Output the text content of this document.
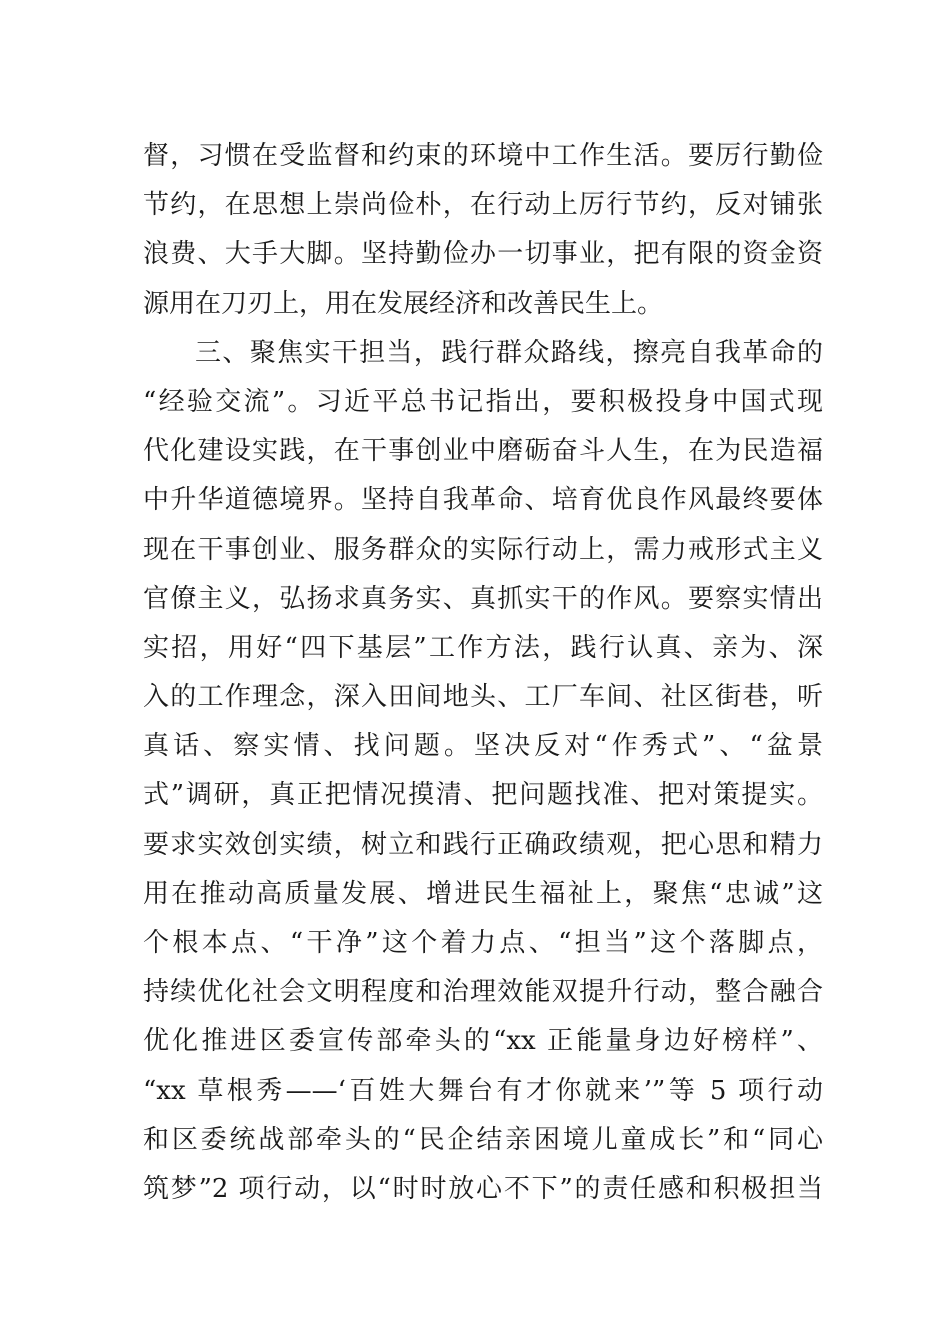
督，习惯在受监督和约束的环境中工作生活。要厉行勤俭
节约，在思想上崇尚俭朴，在行动上厉行节约，反对铺张
浪费、大手大脚。坚持勤俭办一切事业，把有限的资金资
源用在刀刃上，用在发展经济和改善民生上。
三、聚焦实干担当，践行群众路线，擦亮自我革命的
“经验交流”。习近平总书记指出，要积极投身中国式现
代化建设实践，在干事创业中磨砺奋斗人生，在为民造福
中升华道德境界。坚持自我革命、培育优良作风最终要体
现在干事创业、服务群众的实际行动上，需力戒形式主义
官僚主义，弘扬求真务实、真抓实干的作风。要察实情出
实招，用好“四下基层”工作方法，践行认真、亲为、深
入的工作理念，深入田间地头、工厂车间、社区街巷，听
真话、察实情、找问题。坚决反对“作秀式”、“盆景
式”调研，真正把情况摸清、把问题找准、把对策提实。
要求实效创实绩，树立和践行正确政绩观，把心思和精力
用在推动高质量发展、增进民生福祉上，聚焦“忠诚”这
个根本点、“干净”这个着力点、“担当”这个落脚点，
持续优化社会文明程度和治理效能双提升行动，整合融合
优化推进区委宣传部牵头的“xx 正能量身边好榜样”、
“xx 草根秀——‘百姓大舞台有才你就来’”等 5 项行动
和区委统战部牵头的“民企结亲困境儿童成长”和“同心
筑梦”2 项行动，以“时时放心不下”的责任感和积极担当
